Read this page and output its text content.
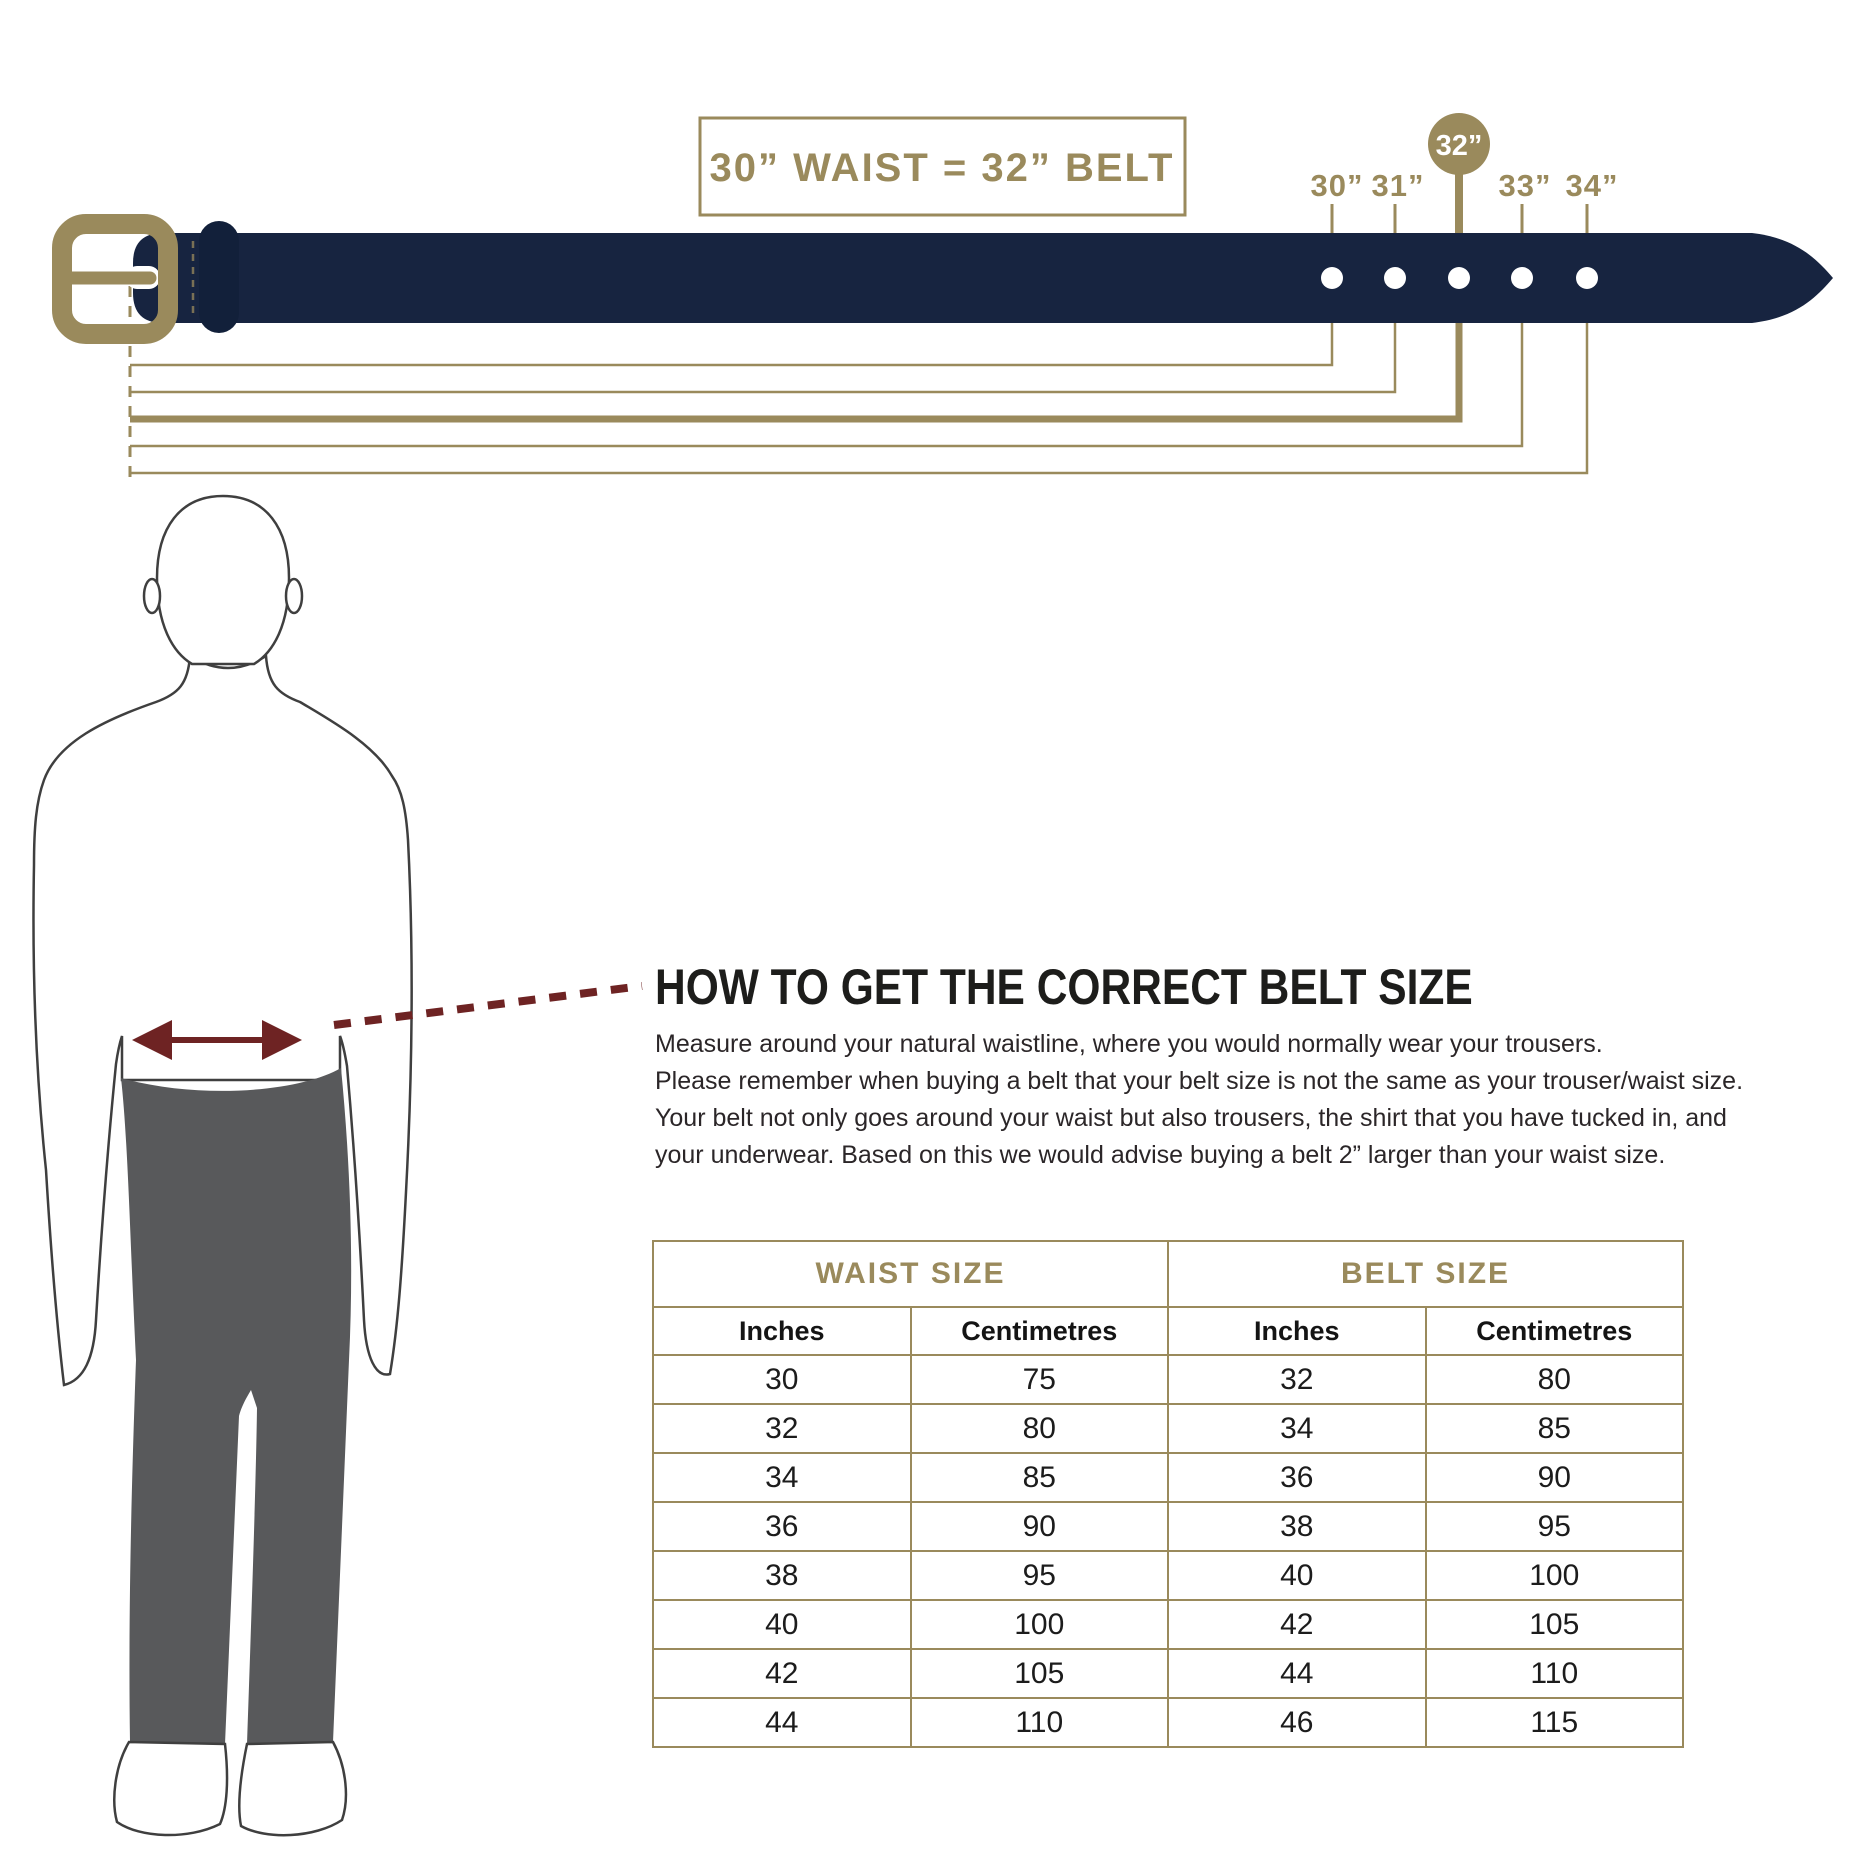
30” WAIST = 32” BELT	30” 31” 33” 34”
32”
HOW TO GET THE CORRECT BELT SIZE
Measure around your natural waistline, where you would normally wear your trousers.
Please remember when buying a belt that your belt size is not the same as your trouser/waist size.
Your belt not only goes around your waist but also trousers, the shirt that you have tucked in, and
your underwear. Based on this we would advise buying a belt 2” larger than your waist size.
WAIST SIZE		BELT SIZE	
Inches	Centimetres	Inches	Centimetres
30	75	32	80
32	80	34	85
34	85	36	90
36	90	38	95
38	95	40	100
40	100	42	105
42	105	44	110
44	110	46	115
